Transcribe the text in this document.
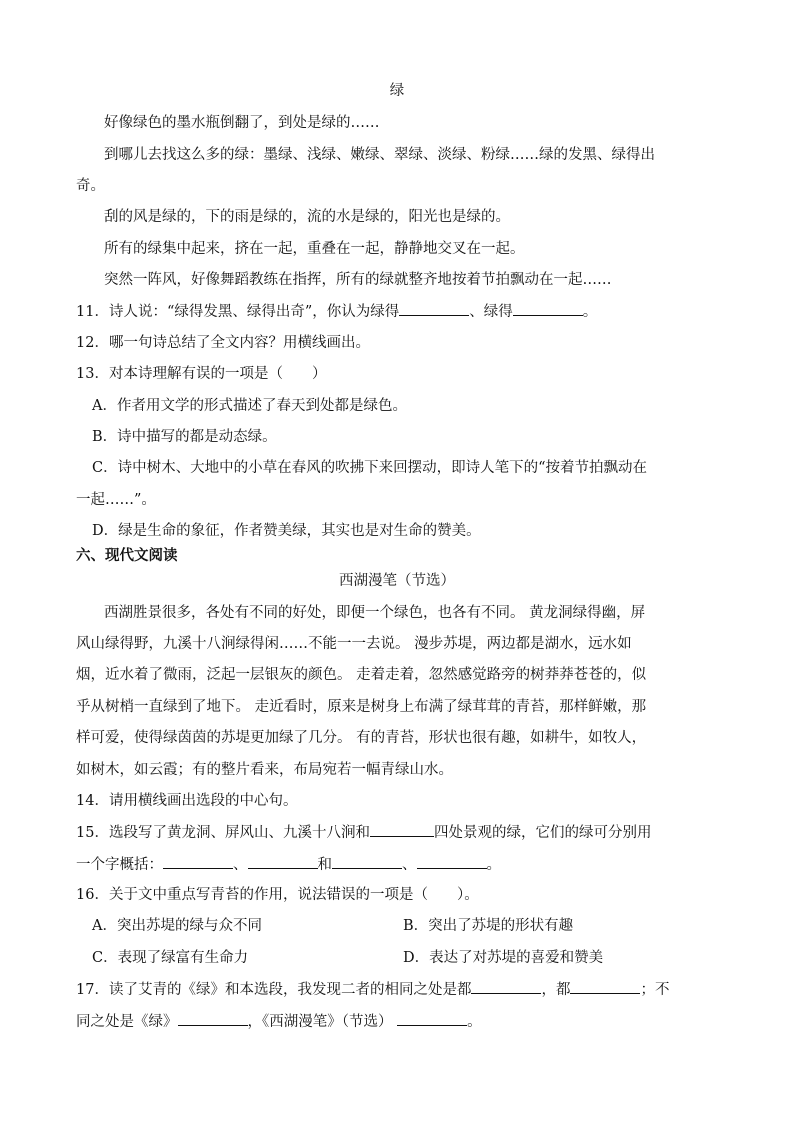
绿
好像绿色的墨水瓶倒翻了，到处是绿的……
到哪儿去找这么多的绿：墨绿、浅绿、嫩绿、翠绿、淡绿、粉绿……绿的发黑、绿得出
奇。
刮的风是绿的，下的雨是绿的，流的水是绿的，阳光也是绿的。
所有的绿集中起来，挤在一起，重叠在一起，静静地交叉在一起。
突然一阵风，好像舞蹈教练在指挥，所有的绿就整齐地按着节拍飘动在一起……
11．诗人说：“绿得发黑、绿得出奇”，你认为绿得	、绿得	。
12．哪一句诗总结了全文内容？用横线画出。
13．对本诗理解有误的一项是（　　）
A．作者用文学的形式描述了春天到处都是绿色。
B．诗中描写的都是动态绿。
C．诗中树木、大地中的小草在春风的吹拂下来回摆动，即诗人笔下的“按着节拍飘动在
一起……”。
D．绿是生命的象征，作者赞美绿，其实也是对生命的赞美。
六、现代文阅读
西湖漫笔（节选）
西湖胜景很多，各处有不同的好处，即便一个绿色，也各有不同。 黄龙洞绿得幽，屏
风山绿得野，九溪十八涧绿得闲……不能一一去说。 漫步苏堤，两边都是湖水，远水如
烟，近水着了微雨，泛起一层银灰的颜色。 走着走着，忽然感觉路旁的树莽莽苍苍的，似
乎从树梢一直绿到了地下。 走近看时，原来是树身上布满了绿茸茸的青苔，那样鲜嫩，那
样可爱，使得绿茵茵的苏堤更加绿了几分。 有的青苔，形状也很有趣，如耕牛，如牧人，
如树木，如云霞；有的整片看来，布局宛若一幅青绿山水。
14．请用横线画出选段的中心句。
15．选段写了黄龙洞、屏风山、九溪十八涧和	四处景观的绿，它们的绿可分别用
一个字概括：	、	和	、	。
16．关于文中重点写青苔的作用，说法错误的一项是（　　）。
A．突出苏堤的绿与众不同	B．突出了苏堤的形状有趣
C．表现了绿富有生命力	D．表达了对苏堤的喜爱和赞美
17．读了艾青的《绿》和本选段，我发现二者的相同之处是都	，都	；不
同之处是《绿》	，《西湖漫笔》（节选）	。
